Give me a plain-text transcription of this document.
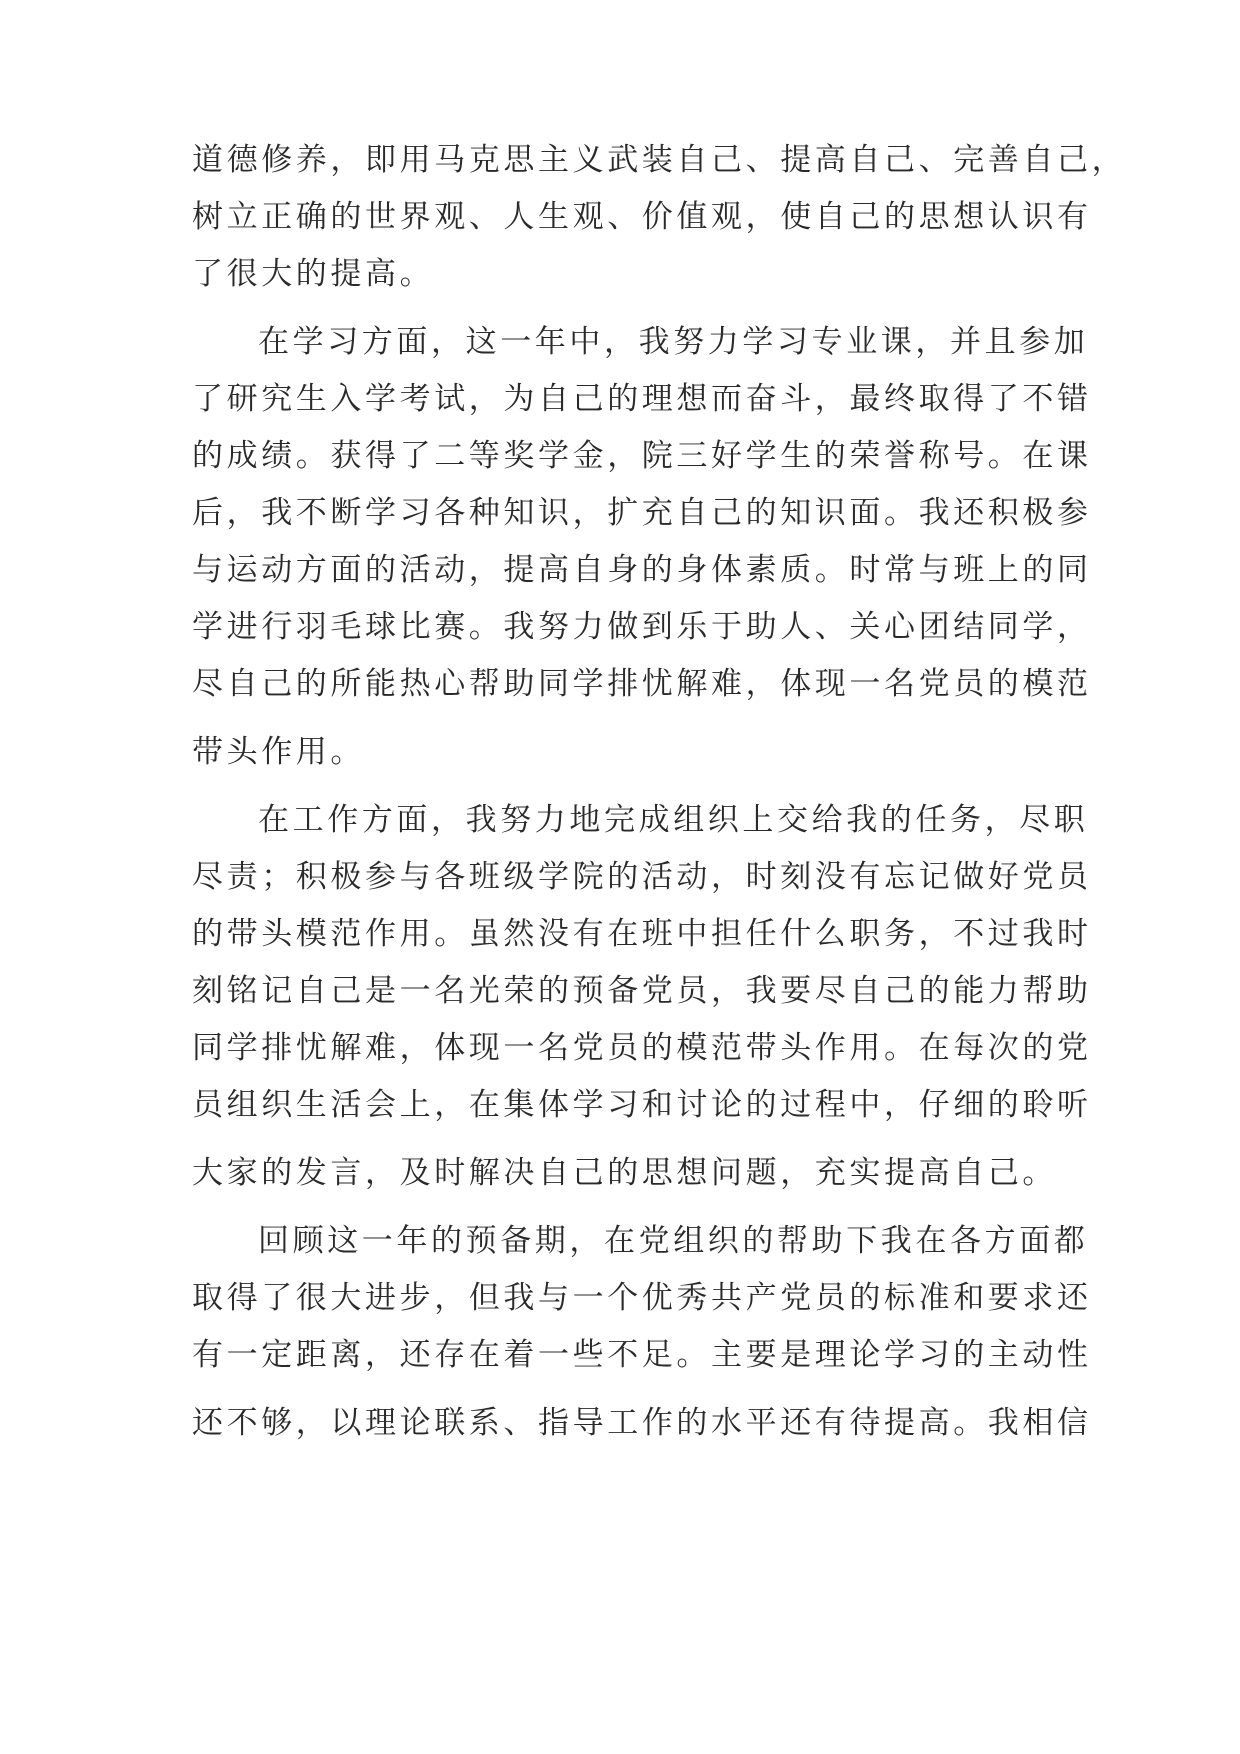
道德修养，即用马克思主义武装自己、提高自己、完善自己，

树立正确的世界观、人生观、价值观，使自己的思想认识有

了很大的提高。

在学习方面，这一年中，我努力学习专业课，并且参加

了研究生入学考试，为自己的理想而奋斗，最终取得了不错

的成绩。获得了二等奖学金，院三好学生的荣誉称号。在课

后，我不断学习各种知识，扩充自己的知识面。我还积极参

与运动方面的活动，提高自身的身体素质。时常与班上的同

学进行羽毛球比赛。我努力做到乐于助人、关心团结同学，

尽自己的所能热心帮助同学排忧解难，体现一名党员的模范

带头作用。

在工作方面，我努力地完成组织上交给我的任务，尽职

尽责；积极参与各班级学院的活动，时刻没有忘记做好党员

的带头模范作用。虽然没有在班中担任什么职务，不过我时

刻铭记自己是一名光荣的预备党员，我要尽自己的能力帮助

同学排忧解难，体现一名党员的模范带头作用。在每次的党

员组织生活会上，在集体学习和讨论的过程中，仔细的聆听

大家的发言，及时解决自己的思想问题，充实提高自己。

回顾这一年的预备期，在党组织的帮助下我在各方面都

取得了很大进步，但我与一个优秀共产党员的标准和要求还

有一定距离，还存在着一些不足。主要是理论学习的主动性

还不够，以理论联系、指导工作的水平还有待提高。我相信
